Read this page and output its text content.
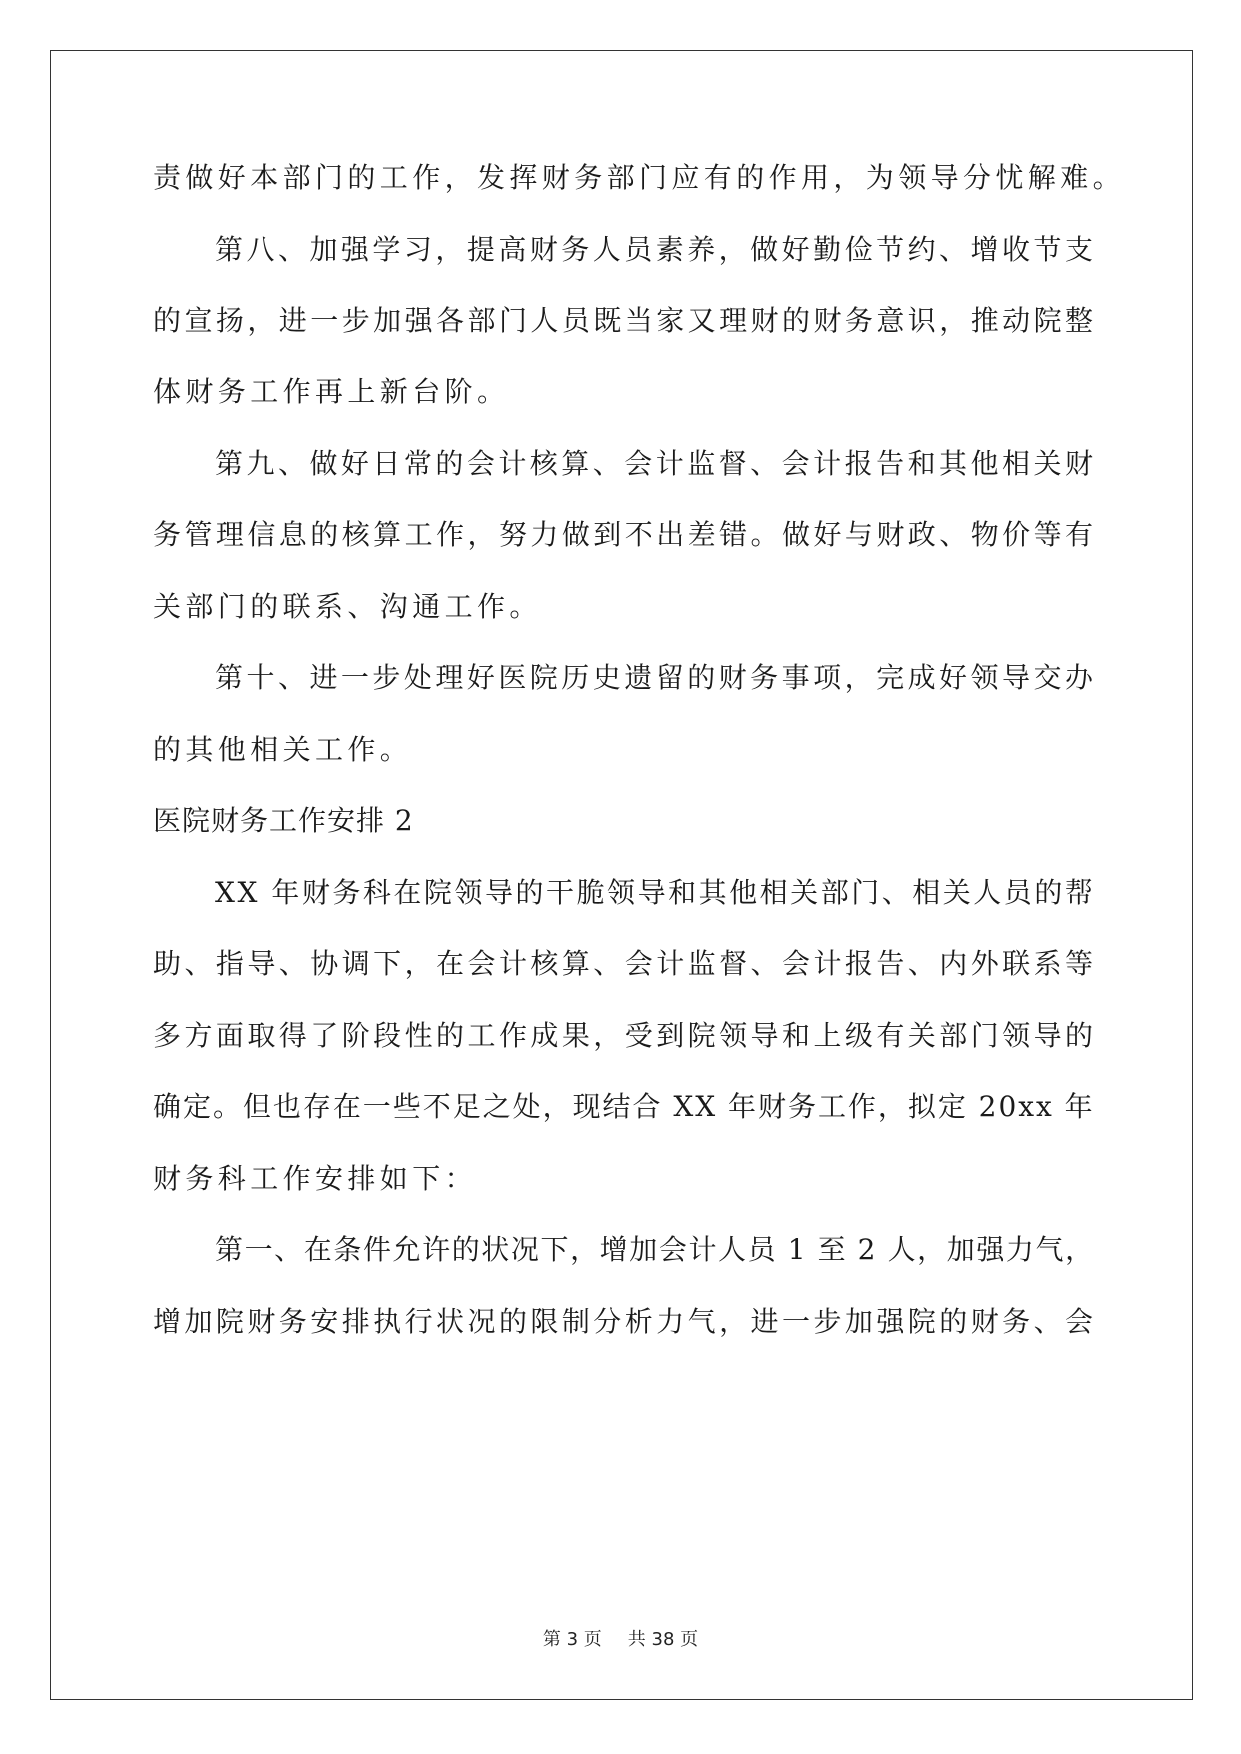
责做好本部门的工作，发挥财务部门应有的作用，为领导分忧解难。
第八、加强学习，提高财务人员素养，做好勤俭节约、增收节支
的宣扬，进一步加强各部门人员既当家又理财的财务意识，推动院整
体财务工作再上新台阶。
第九、做好日常的会计核算、会计监督、会计报告和其他相关财
务管理信息的核算工作，努力做到不出差错。做好与财政、物价等有
关部门的联系、沟通工作。
第十、进一步处理好医院历史遗留的财务事项，完成好领导交办
的其他相关工作。
医院财务工作安排 2
XX 年财务科在院领导的干脆领导和其他相关部门、相关人员的帮
助、指导、协调下，在会计核算、会计监督、会计报告、内外联系等
多方面取得了阶段性的工作成果，受到院领导和上级有关部门领导的
确定。但也存在一些不足之处，现结合 XX 年财务工作，拟定 20xx 年
财务科工作安排如下：
第一、在条件允许的状况下，增加会计人员 1 至 2 人，加强力气，
增加院财务安排执行状况的限制分析力气，进一步加强院的财务、会
第 3 页 共 38 页
